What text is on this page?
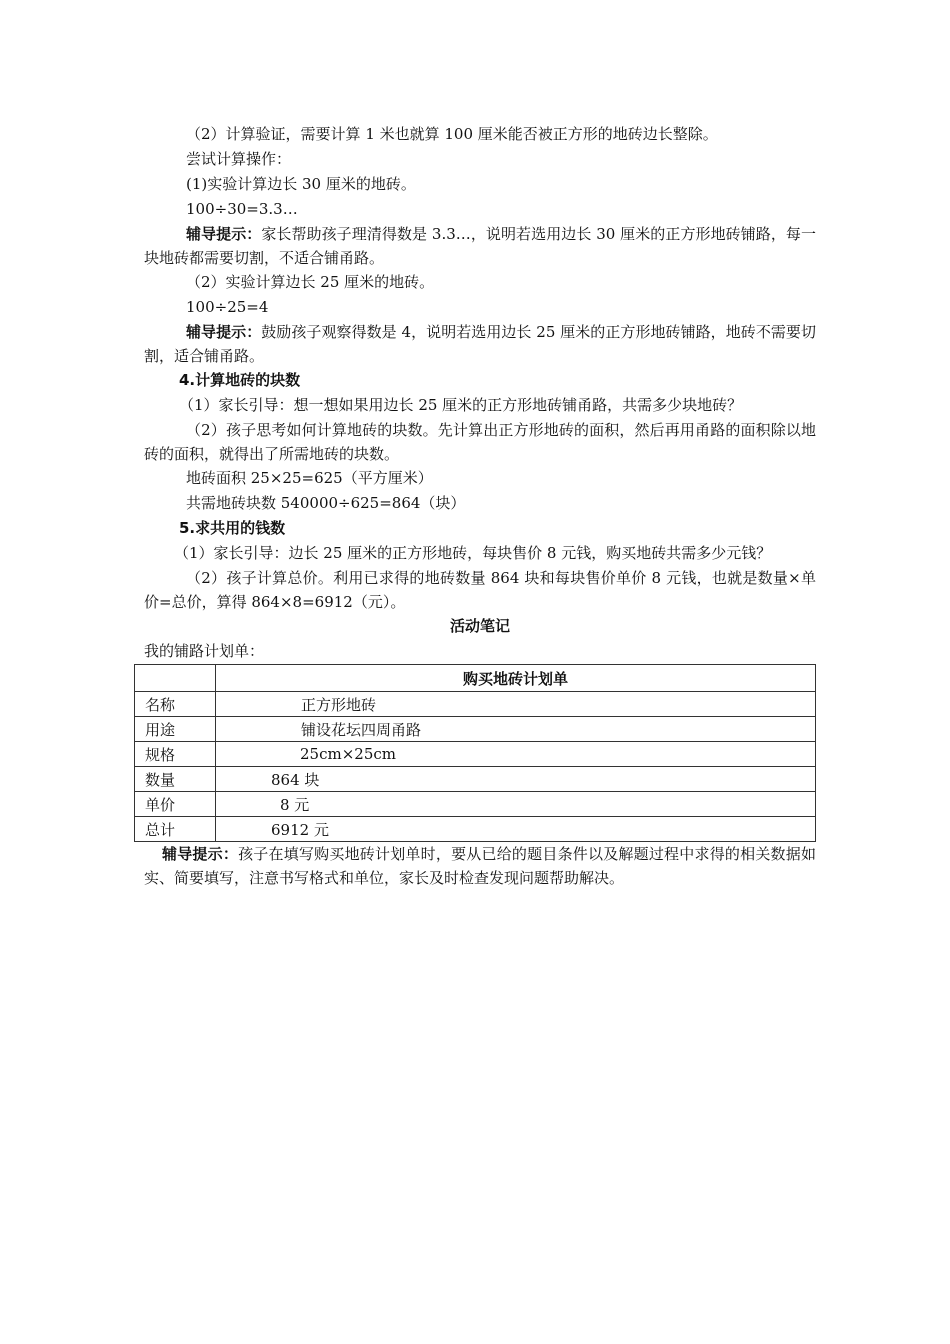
（2）计算验证，需要计算 1 米也就算 100 厘米能否被正方形的地砖边长整除。
尝试计算操作：
(1)实验计算边长 30 厘米的地砖。
100÷30=3.3…
辅导提示：家长帮助孩子理清得数是 3.3…，说明若选用边长 30 厘米的正方形地砖铺路，每一块地砖都需要切割，不适合铺甬路。
（2）实验计算边长 25 厘米的地砖。
100÷25=4
辅导提示：鼓励孩子观察得数是 4，说明若选用边长 25 厘米的正方形地砖铺路，地砖不需要切割，适合铺甬路。
4.计算地砖的块数
（1）家长引导：想一想如果用边长 25 厘米的正方形地砖铺甬路，共需多少块地砖？
（2）孩子思考如何计算地砖的块数。先计算出正方形地砖的面积，然后再用甬路的面积除以地砖的面积，就得出了所需地砖的块数。
地砖面积 25×25=625（平方厘米）
共需地砖块数 540000÷625=864（块）
5.求共用的钱数
（1）家长引导：边长 25 厘米的正方形地砖，每块售价 8 元钱，购买地砖共需多少元钱？
（2）孩子计算总价。利用已求得的地砖数量 864 块和每块售价单价 8 元钱，也就是数量×单价=总价，算得 864×8=6912（元）。
活动笔记
我的铺路计划单：
	购买地砖计划单
名称	正方形地砖
用途	铺设花坛四周甬路
规格	25cm×25cm
数量	864 块
单价	8 元
总计	6912 元
辅导提示：孩子在填写购买地砖计划单时，要从已给的题目条件以及解题过程中求得的相关数据如实、简要填写，注意书写格式和单位，家长及时检查发现问题帮助解决。
